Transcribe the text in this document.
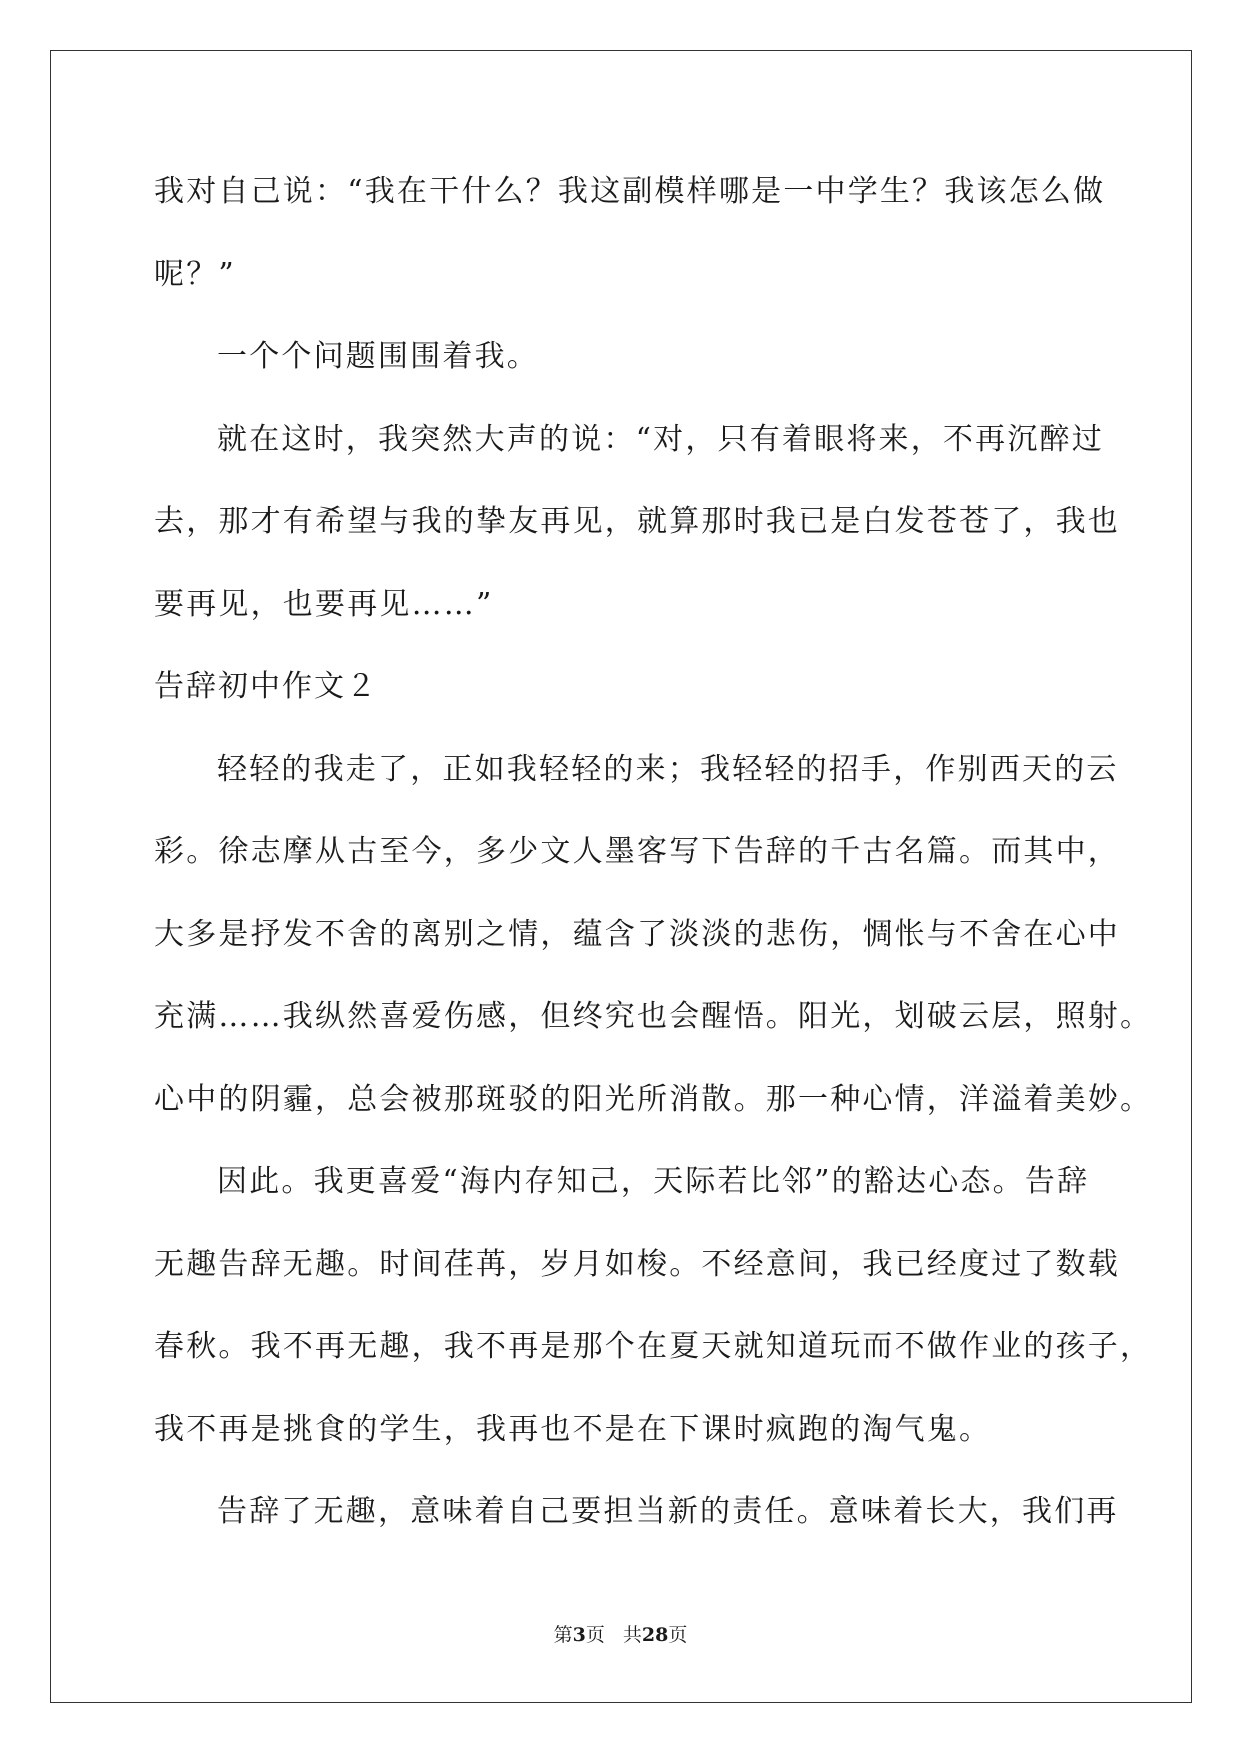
我对自己说：“我在干什么？我这副模样哪是一中学生？我该怎么做
呢？”
一个个问题围围着我。
就在这时，我突然大声的说：“对，只有着眼将来，不再沉醉过
去，那才有希望与我的挚友再见，就算那时我已是白发苍苍了，我也
要再见，也要再见……”
告辞初中作文２
轻轻的我走了，正如我轻轻的来；我轻轻的招手，作别西天的云
彩。徐志摩从古至今，多少文人墨客写下告辞的千古名篇。而其中，
大多是抒发不舍的离别之情，蕴含了淡淡的悲伤，惆怅与不舍在心中
充满……我纵然喜爱伤感，但终究也会醒悟。阳光，划破云层，照射。
心中的阴霾，总会被那斑驳的阳光所消散。那一种心情，洋溢着美妙。
因此。我更喜爱“海内存知己，天际若比邻”的豁达心态。告辞
无趣告辞无趣。时间荏苒，岁月如梭。不经意间，我已经度过了数载
春秋。我不再无趣，我不再是那个在夏天就知道玩而不做作业的孩子，
我不再是挑食的学生，我再也不是在下课时疯跑的淘气鬼。
告辞了无趣，意味着自己要担当新的责任。意味着长大，我们再
第3页 共28页
